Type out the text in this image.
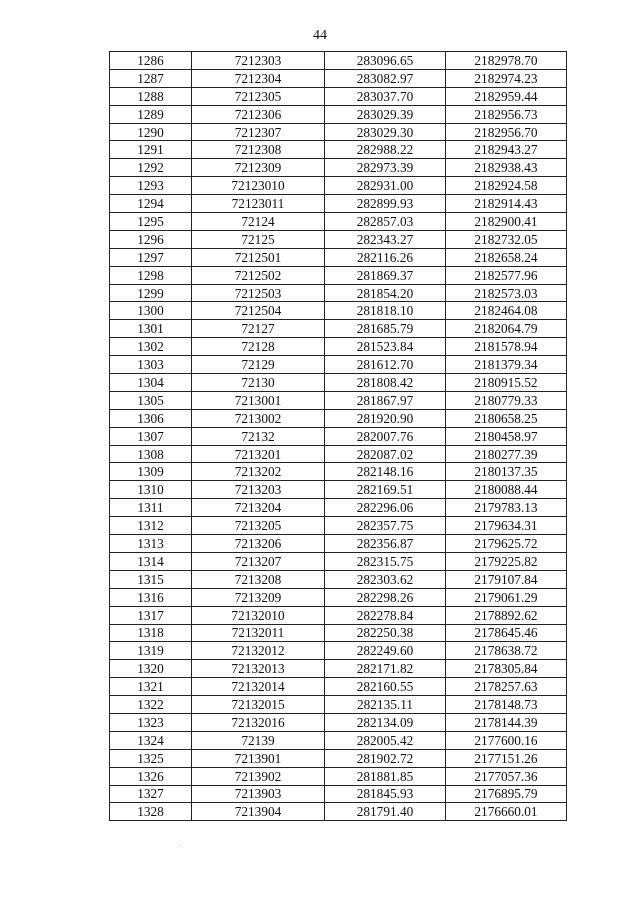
44
1286	7212303	283096.65	2182978.70
1287	7212304	283082.97	2182974.23
1288	7212305	283037.70	2182959.44
1289	7212306	283029.39	2182956.73
1290	7212307	283029.30	2182956.70
1291	7212308	282988.22	2182943.27
1292	7212309	282973.39	2182938.43
1293	72123010	282931.00	2182924.58
1294	72123011	282899.93	2182914.43
1295	72124	282857.03	2182900.41
1296	72125	282343.27	2182732.05
1297	7212501	282116.26	2182658.24
1298	7212502	281869.37	2182577.96
1299	7212503	281854.20	2182573.03
1300	7212504	281818.10	2182464.08
1301	72127	281685.79	2182064.79
1302	72128	281523.84	2181578.94
1303	72129	281612.70	2181379.34
1304	72130	281808.42	2180915.52
1305	7213001	281867.97	2180779.33
1306	7213002	281920.90	2180658.25
1307	72132	282007.76	2180458.97
1308	7213201	282087.02	2180277.39
1309	7213202	282148.16	2180137.35
1310	7213203	282169.51	2180088.44
1311	7213204	282296.06	2179783.13
1312	7213205	282357.75	2179634.31
1313	7213206	282356.87	2179625.72
1314	7213207	282315.75	2179225.82
1315	7213208	282303.62	2179107.84
1316	7213209	282298.26	2179061.29
1317	72132010	282278.84	2178892.62
1318	72132011	282250.38	2178645.46
1319	72132012	282249.60	2178638.72
1320	72132013	282171.82	2178305.84
1321	72132014	282160.55	2178257.63
1322	72132015	282135.11	2178148.73
1323	72132016	282134.09	2178144.39
1324	72139	282005.42	2177600.16
1325	7213901	281902.72	2177151.26
1326	7213902	281881.85	2177057.36
1327	7213903	281845.93	2176895.79
1328	7213904	281791.40	2176660.01
